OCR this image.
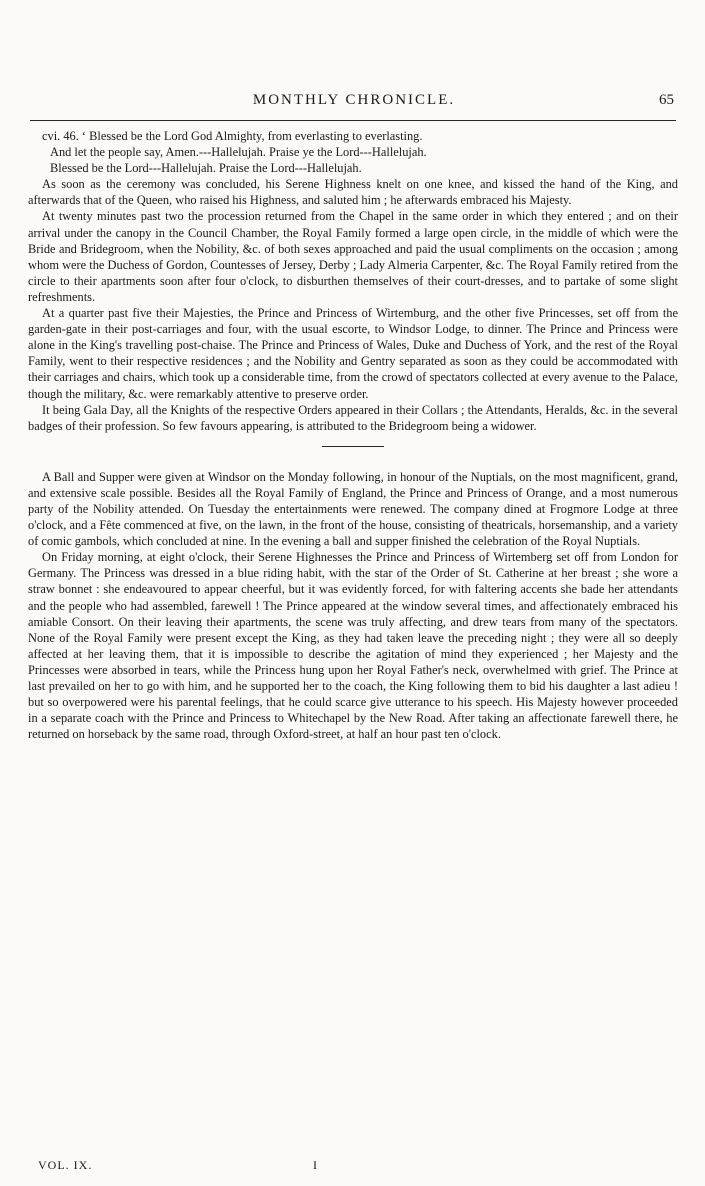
MONTHLY CHRONICLE.	65

cvi. 46. ‘ Blessed be the Lord God Almighty, from everlasting to everlasting.

And let the people say, Amen.---Hallelujah. Praise ye the Lord---Hallelujah.

Blessed be the Lord---Hallelujah. Praise the Lord---Hallelujah.

As soon as the ceremony was concluded, his Serene Highness knelt on one knee, and kissed the hand of the King, and afterwards that of the Queen, who raised his Highness, and saluted him ; he afterwards embraced his Majesty.

At twenty minutes past two the procession returned from the Chapel in the same order in which they entered ; and on their arrival under the canopy in the Council Chamber, the Royal Family formed a large open circle, in the middle of which were the Bride and Bridegroom, when the Nobility, &c. of both sexes approached and paid the usual compliments on the occasion ; among whom were the Duchess of Gordon, Countesses of Jersey, Derby ; Lady Almeria Carpenter, &c. The Royal Family retired from the circle to their apartments soon after four o'clock, to disburthen themselves of their court-dresses, and to partake of some slight refreshments.

At a quarter past five their Majesties, the Prince and Princess of Wirtemburg, and the other five Princesses, set off from the garden-gate in their post-carriages and four, with the usual escorte, to Windsor Lodge, to dinner. The Prince and Princess were alone in the King's travelling post-chaise. The Prince and Princess of Wales, Duke and Duchess of York, and the rest of the Royal Family, went to their respective residences ; and the Nobility and Gentry separated as soon as they could be accommodated with their carriages and chairs, which took up a considerable time, from the crowd of spectators collected at every avenue to the Palace, though the military, &c. were remarkably attentive to preserve order.

It being Gala Day, all the Knights of the respective Orders appeared in their Collars ; the Attendants, Heralds, &c. in the several badges of their profession. So few favours appearing, is attributed to the Bridegroom being a widower.

A Ball and Supper were given at Windsor on the Monday following, in honour of the Nuptials, on the most magnificent, grand, and extensive scale possible. Besides all the Royal Family of England, the Prince and Princess of Orange, and a most numerous party of the Nobility attended. On Tuesday the entertainments were renewed. The company dined at Frogmore Lodge at three o'clock, and a Fête commenced at five, on the lawn, in the front of the house, consisting of theatricals, horsemanship, and a variety of comic gambols, which concluded at nine. In the evening a ball and supper finished the celebration of the Royal Nuptials.

On Friday morning, at eight o'clock, their Serene Highnesses the Prince and Princess of Wirtemberg set off from London for Germany. The Princess was dressed in a blue riding habit, with the star of the Order of St. Catherine at her breast ; she wore a straw bonnet : she endeavoured to appear cheerful, but it was evidently forced, for with faltering accents she bade her attendants and the people who had assembled, farewell ! The Prince appeared at the window several times, and affectionately embraced his amiable Consort. On their leaving their apartments, the scene was truly affecting, and drew tears from many of the spectators. None of the Royal Family were present except the King, as they had taken leave the preceding night ; they were all so deeply affected at her leaving them, that it is impossible to describe the agitation of mind they experienced ; her Majesty and the Princesses were absorbed in tears, while the Princess hung upon her Royal Father's neck, overwhelmed with grief. The Prince at last prevailed on her to go with him, and he supported her to the coach, the King following them to bid his daughter a last adieu ! but so overpowered were his parental feelings, that he could scarce give utterance to his speech. His Majesty however proceeded in a separate coach with the Prince and Princess to Whitechapel by the New Road. After taking an affectionate farewell there, he returned on horseback by the same road, through Oxford-street, at half an hour past ten o'clock.

VOL. IX.	I
